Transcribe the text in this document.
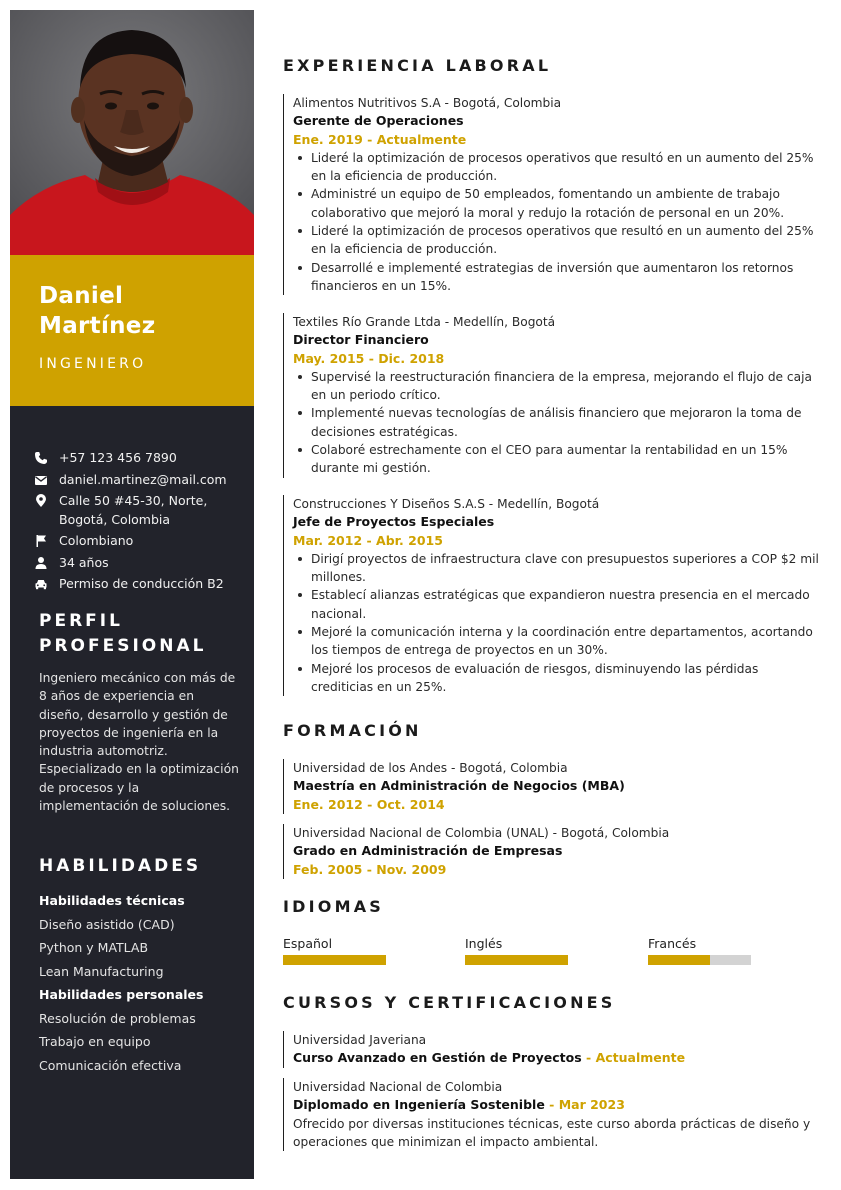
Daniel
Martínez
INGENIERO
+57 123 456 7890
daniel.martinez@mail.com
Calle 50 #45-30, Norte, Bogotá, Colombia
Colombiano
34 años
Permiso de conducción B2
PERFIL
PROFESIONAL
Ingeniero mecánico con más de 8 años de experiencia en diseño, desarrollo y gestión de proyectos de ingeniería en la industria automotriz. Especializado en la optimización de procesos y la implementación de soluciones.
HABILIDADES
Habilidades técnicas
Diseño asistido (CAD)
Python y MATLAB
Lean Manufacturing
Habilidades personales
Resolución de problemas
Trabajo en equipo
Comunicación efectiva
EXPERIENCIA LABORAL
Alimentos Nutritivos S.A - Bogotá, Colombia
Gerente de Operaciones
Ene. 2019 - Actualmente
Lideré la optimización de procesos operativos que resultó en un aumento del 25% en la eficiencia de producción.
Administré un equipo de 50 empleados, fomentando un ambiente de trabajo colaborativo que mejoró la moral y redujo la rotación de personal en un 20%.
Lideré la optimización de procesos operativos que resultó en un aumento del 25% en la eficiencia de producción.
Desarrollé e implementé estrategias de inversión que aumentaron los retornos financieros en un 15%.
Textiles Río Grande Ltda - Medellín, Bogotá
Director Financiero
May. 2015 - Dic. 2018
Supervisé la reestructuración financiera de la empresa, mejorando el flujo de caja en un periodo crítico.
Implementé nuevas tecnologías de análisis financiero que mejoraron la toma de decisiones estratégicas.
Colaboré estrechamente con el CEO para aumentar la rentabilidad en un 15% durante mi gestión.
Construcciones Y Diseños S.A.S - Medellín, Bogotá
Jefe de Proyectos Especiales
Mar. 2012 - Abr. 2015
Dirigí proyectos de infraestructura clave con presupuestos superiores a COP $2 mil millones.
Establecí alianzas estratégicas que expandieron nuestra presencia en el mercado nacional.
Mejoré la comunicación interna y la coordinación entre departamentos, acortando los tiempos de entrega de proyectos en un 30%.
Mejoré los procesos de evaluación de riesgos, disminuyendo las pérdidas crediticias en un 25%.
FORMACIÓN
Universidad de los Andes - Bogotá, Colombia
Maestría en Administración de Negocios (MBA)
Ene. 2012 - Oct. 2014
Universidad Nacional de Colombia (UNAL) - Bogotá, Colombia
Grado en Administración de Empresas
Feb. 2005 - Nov. 2009
IDIOMAS
Español	Inglés	Francés
CURSOS Y CERTIFICACIONES
Universidad Javeriana
Curso Avanzado en Gestión de Proyectos - Actualmente
Universidad Nacional de Colombia
Diplomado en Ingeniería Sostenible - Mar 2023
Ofrecido por diversas instituciones técnicas, este curso aborda prácticas de diseño y operaciones que minimizan el impacto ambiental.
